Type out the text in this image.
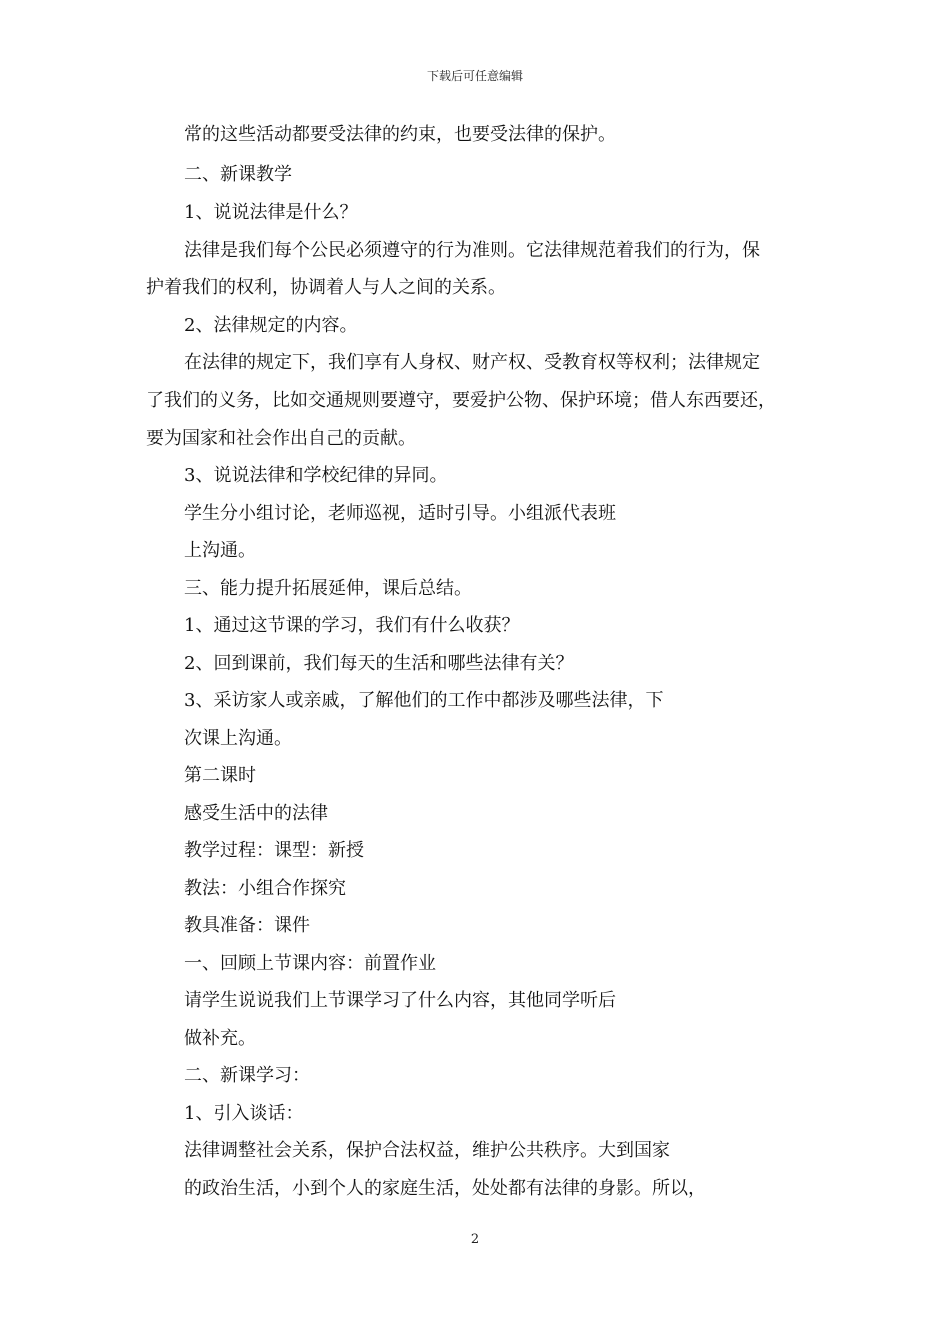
下载后可任意编辑
常的这些活动都要受法律的约束，也要受法律的保护。
二、新课教学
1、说说法律是什么？
法律是我们每个公民必须遵守的行为准则。它法律规范着我们的行为，保
护着我们的权利，协调着人与人之间的关系。
2、法律规定的内容。
在法律的规定下，我们享有人身权、财产权、受教育权等权利；法律规定
了我们的义务，比如交通规则要遵守，要爱护公物、保护环境；借人东西要还，
要为国家和社会作出自己的贡献。
3、说说法律和学校纪律的异同。
学生分小组讨论，老师巡视，适时引导。小组派代表班
上沟通。
三、能力提升拓展延伸，课后总结。
1、通过这节课的学习，我们有什么收获？
2、回到课前，我们每天的生活和哪些法律有关？
3、采访家人或亲戚，了解他们的工作中都涉及哪些法律，下
次课上沟通。
第二课时
感受生活中的法律
教学过程：课型：新授
教法：小组合作探究
教具准备：课件
一、回顾上节课内容：前置作业
请学生说说我们上节课学习了什么内容，其他同学听后
做补充。
二、新课学习：
1、引入谈话：
法律调整社会关系，保护合法权益，维护公共秩序。大到国家
的政治生活，小到个人的家庭生活，处处都有法律的身影。所以，
2
